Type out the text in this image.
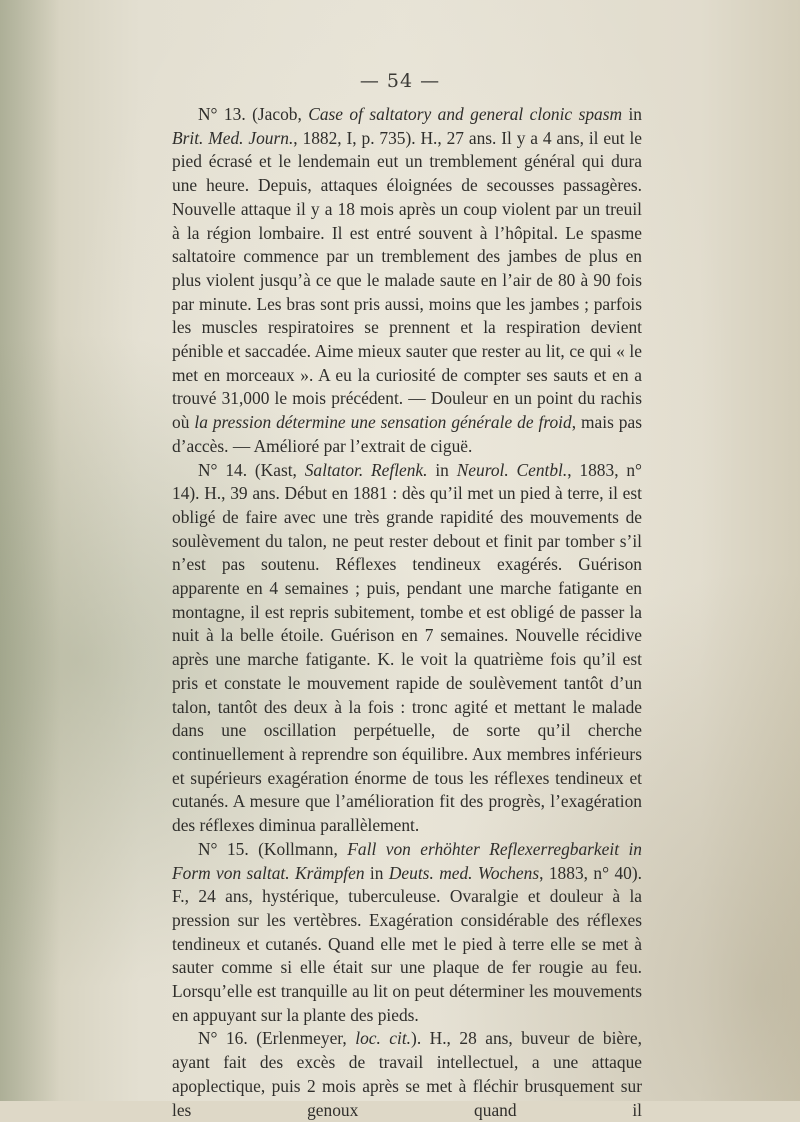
— 54 —

N° 13. (Jacob, Case of saltatory and general clonic spasm in Brit. Med. Journ., 1882, I, p. 735). H., 27 ans. Il y a 4 ans, il eut le pied écrasé et le lendemain eut un tremblement général qui dura une heure. Depuis, attaques éloignées de secousses passagères. Nouvelle attaque il y a 18 mois après un coup violent par un treuil à la région lombaire. Il est entré souvent à l’hôpital. Le spasme saltatoire commence par un tremblement des jambes de plus en plus violent jusqu’à ce que le malade saute en l’air de 80 à 90 fois par minute. Les bras sont pris aussi, moins que les jambes ; parfois les muscles respiratoires se prennent et la respiration devient pénible et saccadée. Aime mieux sauter que rester au lit, ce qui « le met en morceaux ». A eu la curiosité de compter ses sauts et en a trouvé 31,000 le mois précédent. — Douleur en un point du rachis où la pression détermine une sensation générale de froid, mais pas d’accès. — Amélioré par l’extrait de ciguë.

N° 14. (Kast, Saltator. Reflenk. in Neurol. Centbl., 1883, n° 14). H., 39 ans. Début en 1881 : dès qu’il met un pied à terre, il est obligé de faire avec une très grande rapidité des mouvements de soulèvement du talon, ne peut rester debout et finit par tomber s’il n’est pas soutenu. Réflexes tendineux exagérés. Guérison apparente en 4 semaines ; puis, pendant une marche fatigante en montagne, il est repris subitement, tombe et est obligé de passer la nuit à la belle étoile. Guérison en 7 semaines. Nouvelle récidive après une marche fatigante. K. le voit la quatrième fois qu’il est pris et constate le mouvement rapide de soulèvement tantôt d’un talon, tantôt des deux à la fois : tronc agité et mettant le malade dans une oscillation perpétuelle, de sorte qu’il cherche continuellement à reprendre son équilibre. Aux membres inférieurs et supérieurs exagération énorme de tous les réflexes tendineux et cutanés. A mesure que l’amélioration fit des progrès, l’exagération des réflexes diminua parallèlement.

N° 15. (Kollmann, Fall von erhöhter Reflexerregbarkeit in Form von saltat. Krämpfen in Deuts. med. Wochens, 1883, n° 40). F., 24 ans, hystérique, tuberculeuse. Ovaralgie et douleur à la pression sur les vertèbres. Exagération considérable des réflexes tendineux et cutanés. Quand elle met le pied à terre elle se met à sauter comme si elle était sur une plaque de fer rougie au feu. Lorsqu’elle est tranquille au lit on peut déterminer les mouvements en appuyant sur la plante des pieds.

N° 16. (Erlenmeyer, loc. cit.). H., 28 ans, buveur de bière, ayant fait des excès de travail intellectuel, a une attaque apoplectique, puis 2 mois après se met à fléchir brusquement sur les genoux quand il
